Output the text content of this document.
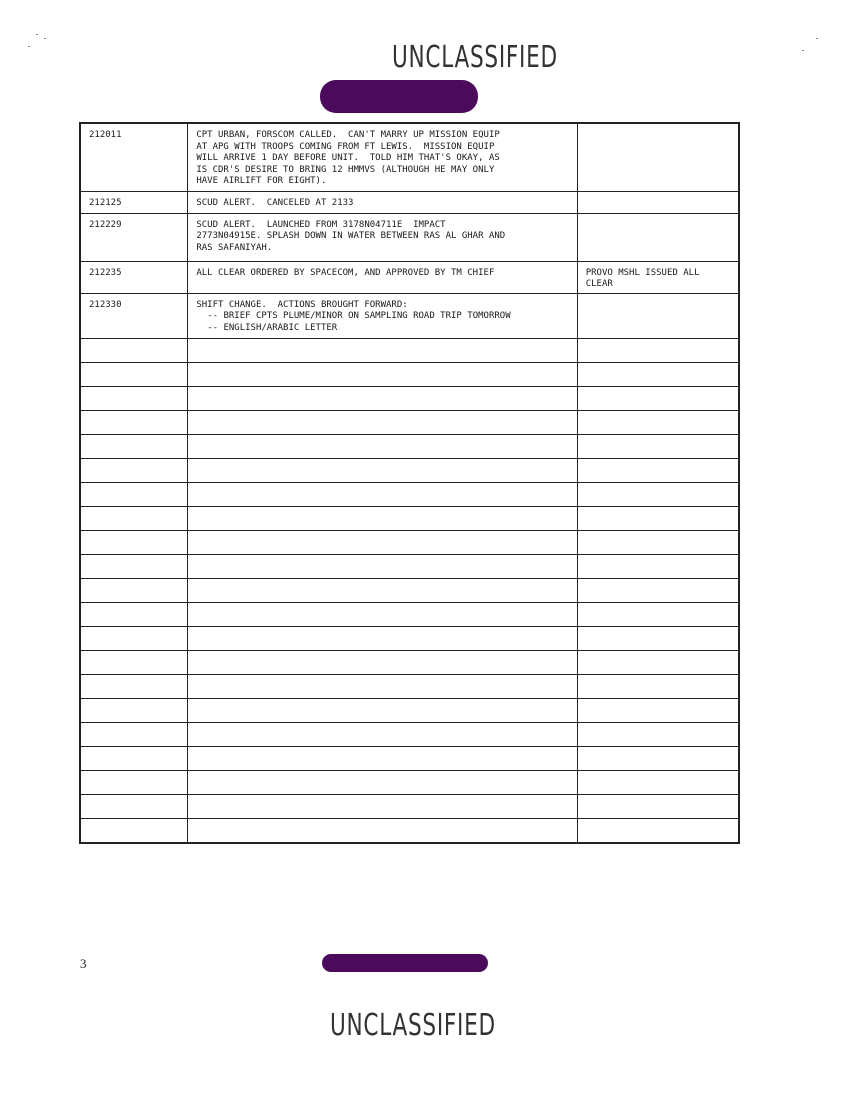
UNCLASSIFIED
212011	CPT URBAN, FORSCOM CALLED.  CAN'T MARRY UP MISSION EQUIP
AT APG WITH TROOPS COMING FROM FT LEWIS.  MISSION EQUIP
WILL ARRIVE 1 DAY BEFORE UNIT.  TOLD HIM THAT'S OKAY, AS
IS CDR'S DESIRE TO BRING 12 HMMVS (ALTHOUGH HE MAY ONLY
HAVE AIRLIFT FOR EIGHT).	
212125	SCUD ALERT.  CANCELED AT 2133	
212229	SCUD ALERT.  LAUNCHED FROM 3178N04711E  IMPACT
2773N04915E. SPLASH DOWN IN WATER BETWEEN RAS AL GHAR AND
RAS SAFANIYAH.	
212235	ALL CLEAR ORDERED BY SPACECOM, AND APPROVED BY TM CHIEF	PROVO MSHL ISSUED ALL
CLEAR
212330	SHIFT CHANGE.  ACTIONS BROUGHT FORWARD:
-- BRIEF CPTS PLUME/MINOR ON SAMPLING ROAD TRIP TOMORROW
-- ENGLISH/ARABIC LETTER	

3
UNCLASSIFIED
